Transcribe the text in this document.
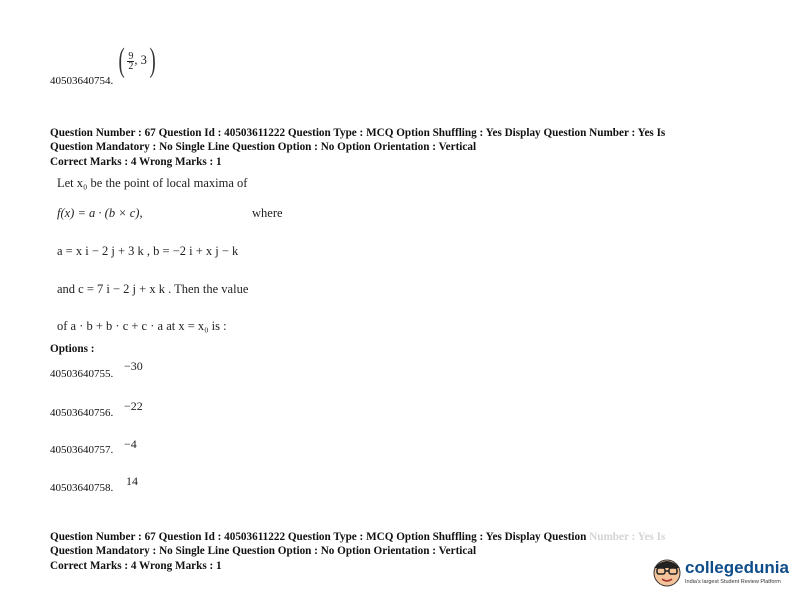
40503640754.
( $\frac{9}{2}$ , 3)
Question Number : 67 Question Id : 40503611222 Question Type : MCQ Option Shuffling : Yes Display Question Number : Yes Is
Question Mandatory : No Single Line Question Option : No Option Orientation : Vertical
Correct Marks : 4 Wrong Marks : 1
Let x₀ be the point of local maxima of
f(x) = a · (b × c),	where
a = x i − 2 j + 3 k , b = −2 i + x j − k
and c = 7 i − 2 j + x k . Then the value
of a · b + b · c + c · a at x = x₀ is :
Options :
40503640755.
−30
40503640756. −22
40503640757. −4
40503640758. 14
Question Number : 67 Question Id : 40503611222 Question Type : MCQ Option Shuffling : Yes Display Question Number : Yes Is
Question Mandatory : No Single Line Question Option : No Option Orientation : Vertical
Correct Marks : 4 Wrong Marks : 1	collegedunia
India's largest Student Review Platform
